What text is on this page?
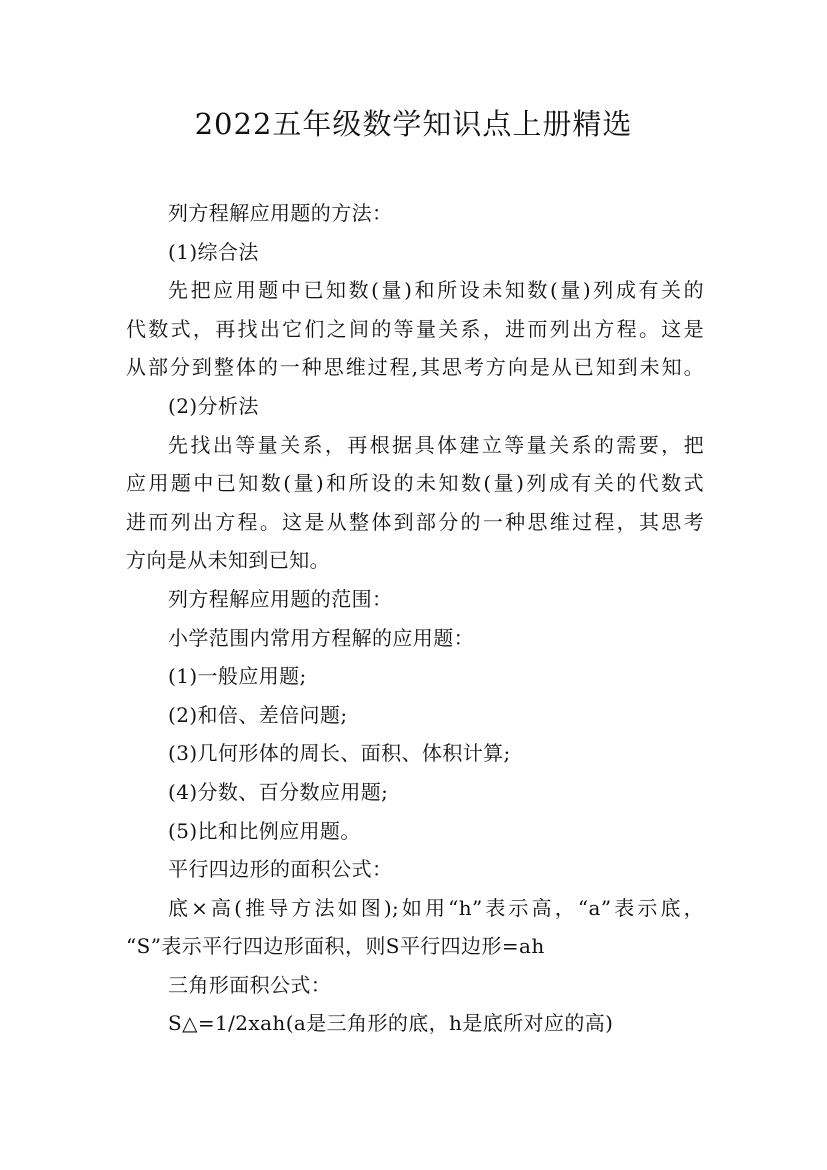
2022五年级数学知识点上册精选
列方程解应用题的方法：
(1)综合法
先把应用题中已知数(量)和所设未知数(量)列成有关的
代数式，再找出它们之间的等量关系，进而列出方程。这是
从部分到整体的一种思维过程,其思考方向是从已知到未知。
(2)分析法
先找出等量关系，再根据具体建立等量关系的需要，把
应用题中已知数(量)和所设的未知数(量)列成有关的代数式
进而列出方程。这是从整体到部分的一种思维过程，其思考
方向是从未知到已知。
列方程解应用题的范围：
小学范围内常用方程解的应用题：
(1)一般应用题;
(2)和倍、差倍问题;
(3)几何形体的周长、面积、体积计算;
(4)分数、百分数应用题;
(5)比和比例应用题。
平行四边形的面积公式：
底×高(推导方法如图);如用“h”表示高，“a”表示底，
“S”表示平行四边形面积，则S平行四边形=ah
三角形面积公式：
S△=1/2xah(a是三角形的底，h是底所对应的高)
